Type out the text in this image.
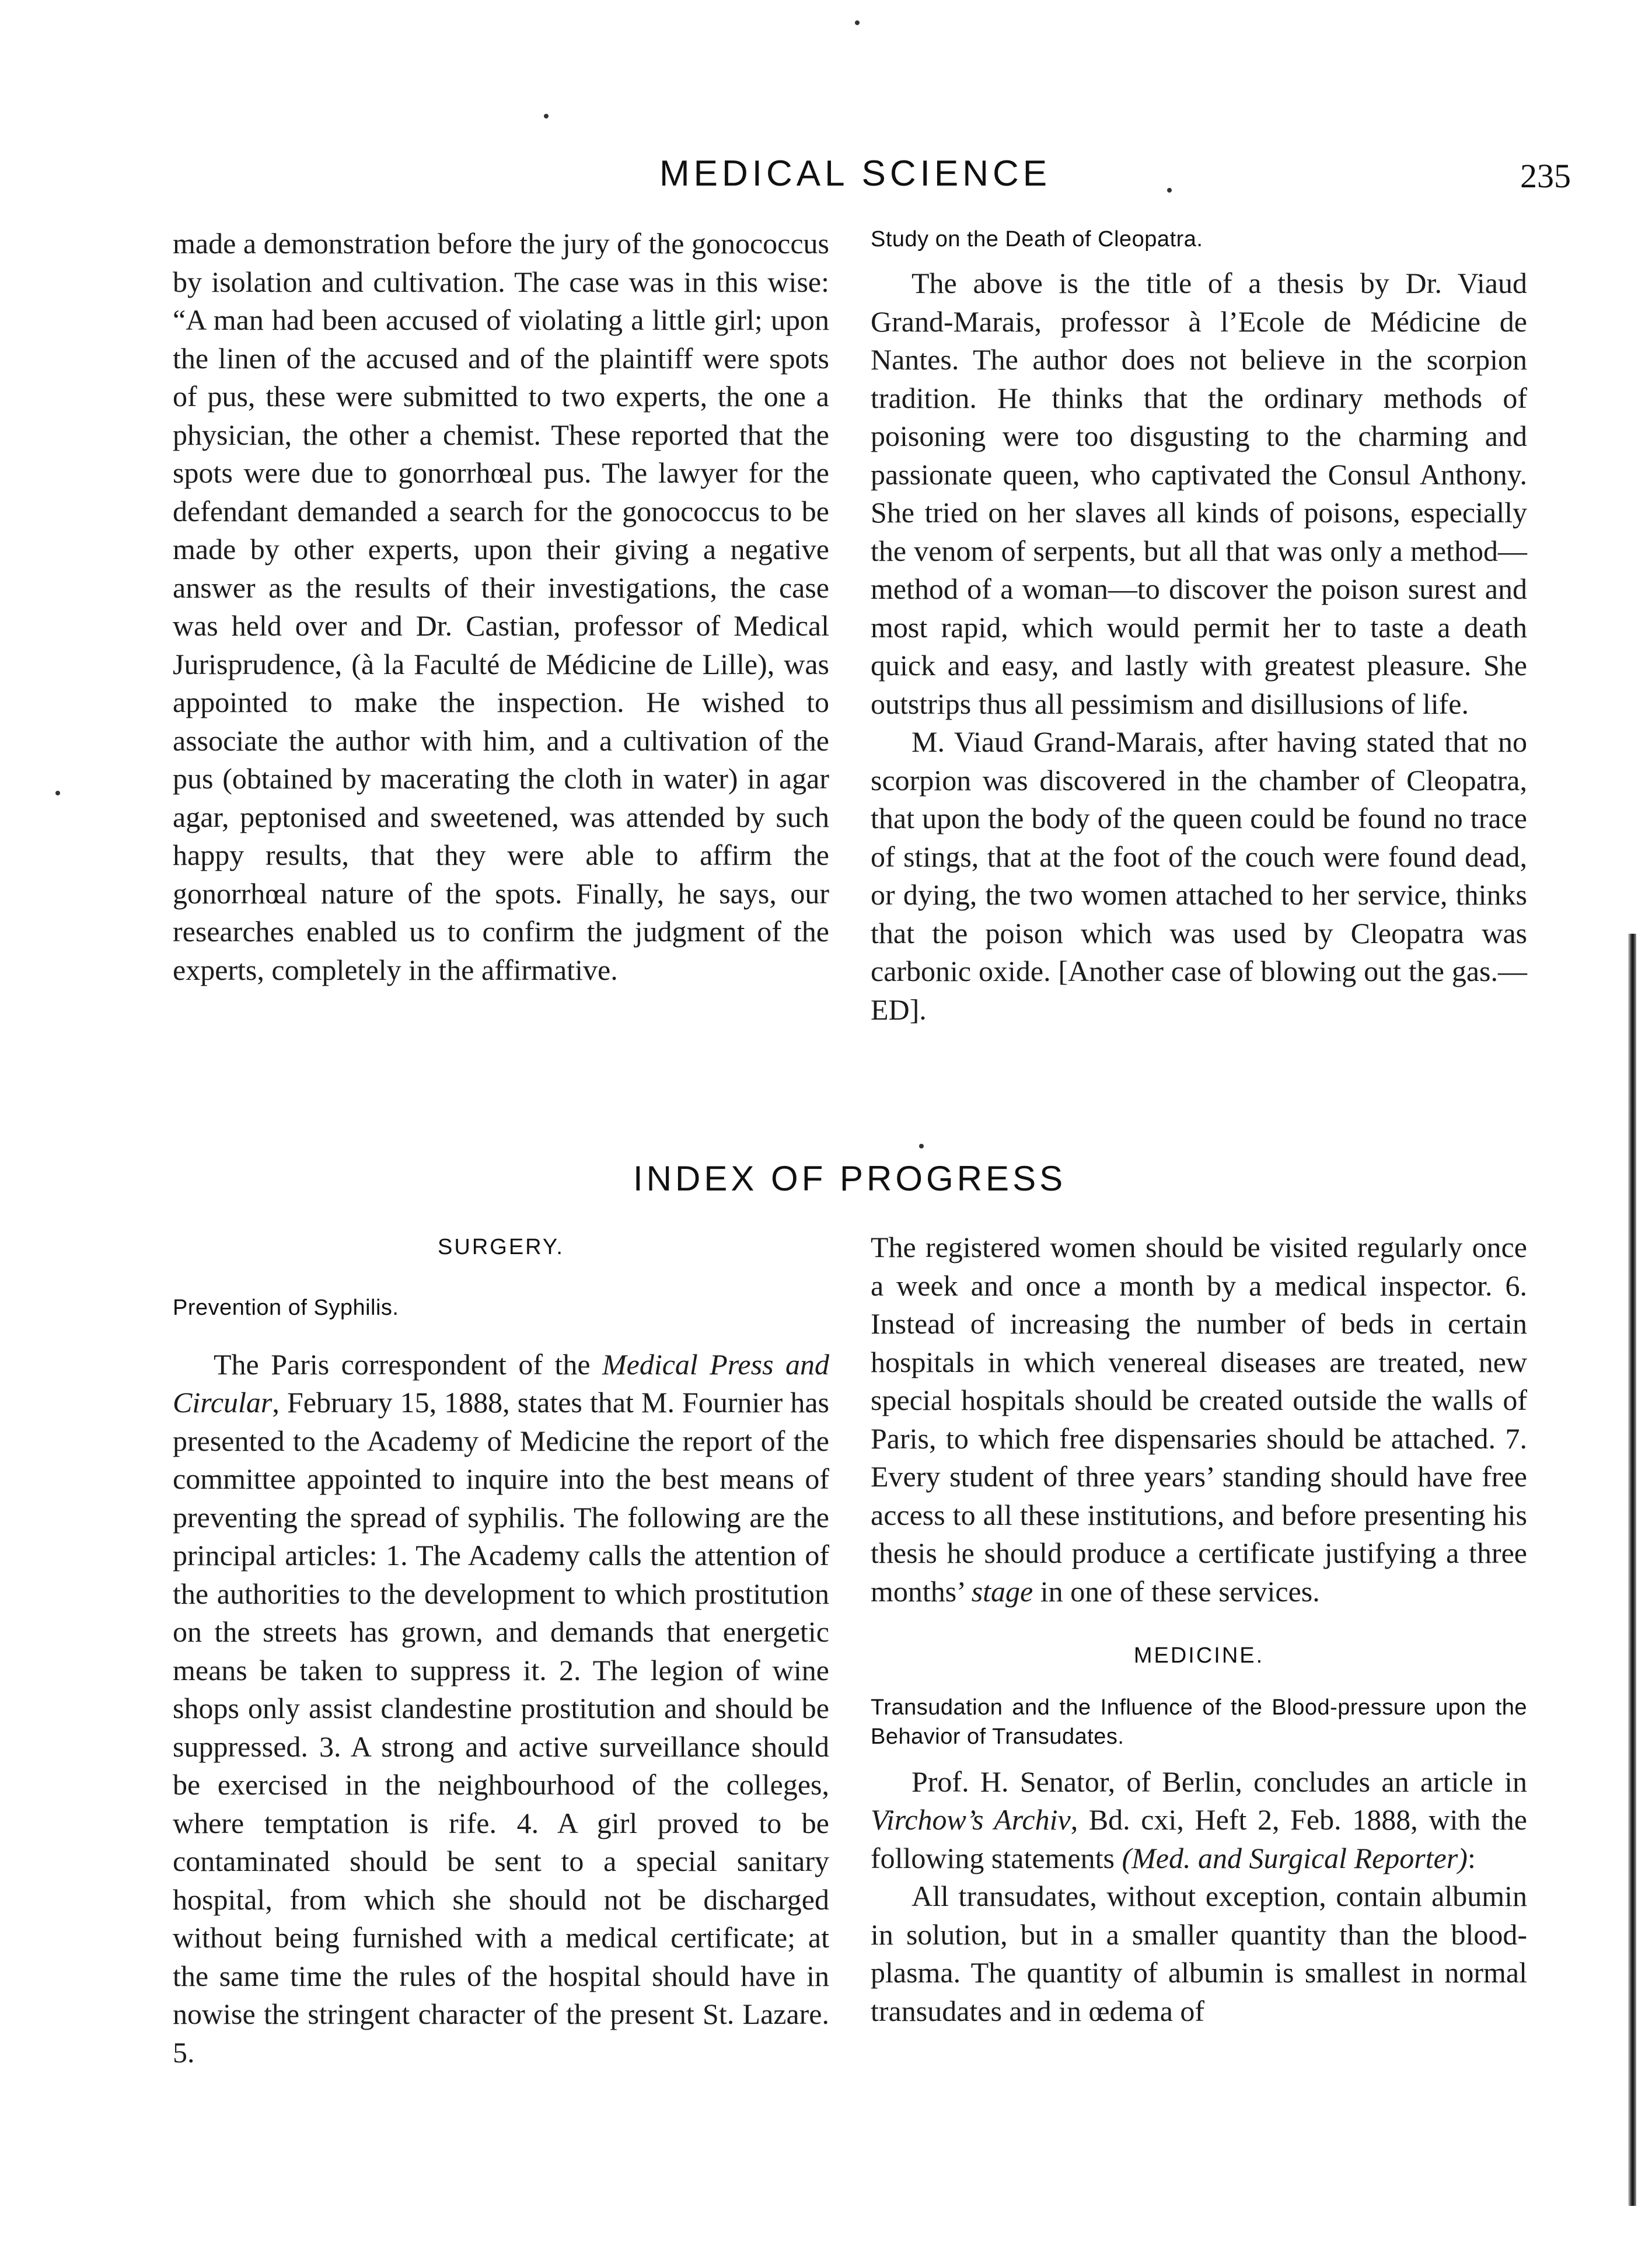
MEDICAL SCIENCE	235

made a demonstration before the jury of the gonococcus by isolation and cultivation. The case was in this wise: “A man had been accused of violating a little girl; upon the linen of the accused and of the plaintiff were spots of pus, these were submitted to two experts, the one a physician, the other a chemist. These reported that the spots were due to gonorrhœal pus. The lawyer for the defendant demanded a search for the gonococcus to be made by other experts, upon their giving a negative answer as the results of their investigations, the case was held over and Dr. Castian, professor of Medical Jurisprudence, (à la Faculté de Médicine de Lille), was appointed to make the inspection. He wished to associate the author with him, and a cultivation of the pus (obtained by macerating the cloth in water) in agar agar, peptonised and sweetened, was attended by such happy results, that they were able to affirm the gonorrhœal nature of the spots. Finally, he says, our researches enabled us to confirm the judgment of the experts, completely in the affirmative.

Study on the Death of Cleopatra.

The above is the title of a thesis by Dr. Viaud Grand-Marais, professor à l’Ecole de Médicine de Nantes. The author does not believe in the scorpion tradition. He thinks that the ordinary methods of poisoning were too disgusting to the charming and passionate queen, who captivated the Consul Anthony. She tried on her slaves all kinds of poisons, especially the venom of serpents, but all that was only a method—method of a woman—to discover the poison surest and most rapid, which would permit her to taste a death quick and easy, and lastly with greatest pleasure. She outstrips thus all pessimism and disillusions of life.

M. Viaud Grand-Marais, after having stated that no scorpion was discovered in the chamber of Cleopatra, that upon the body of the queen could be found no trace of stings, that at the foot of the couch were found dead, or dying, the two women attached to her service, thinks that the poison which was used by Cleopatra was carbonic oxide. [Another case of blowing out the gas.—ED].

INDEX OF PROGRESS
SURGERY.
Prevention of Syphilis.

The Paris correspondent of the Medical Press and Circular, February 15, 1888, states that M. Fournier has presented to the Academy of Medicine the report of the committee appointed to inquire into the best means of preventing the spread of syphilis. The following are the principal articles: 1. The Academy calls the attention of the authorities to the development to which prostitution on the streets has grown, and demands that energetic means be taken to suppress it. 2. The legion of wine shops only assist clandestine prostitution and should be suppressed. 3. A strong and active surveillance should be exercised in the neighbourhood of the colleges, where temptation is rife. 4. A girl proved to be contaminated should be sent to a special sanitary hospital, from which she should not be discharged without being furnished with a medical certificate; at the same time the rules of the hospital should have in nowise the stringent character of the present St. Lazare. 5.

The registered women should be visited regularly once a week and once a month by a medical inspector. 6. Instead of increasing the number of beds in certain hospitals in which venereal diseases are treated, new special hospitals should be created outside the walls of Paris, to which free dispensaries should be attached. 7. Every student of three years’ standing should have free access to all these institutions, and before presenting his thesis he should produce a certificate justifying a three months’ stage in one of these services.

MEDICINE.
Transudation and the Influence of the Blood-pressure upon the Behavior of Transudates.

Prof. H. Senator, of Berlin, concludes an article in Virchow’s Archiv, Bd. cxi, Heft 2, Feb. 1888, with the following statements (Med. and Surgical Reporter):

All transudates, without exception, contain albumin in solution, but in a smaller quantity than the blood-plasma. The quantity of albumin is smallest in normal transudates and in œdema of
